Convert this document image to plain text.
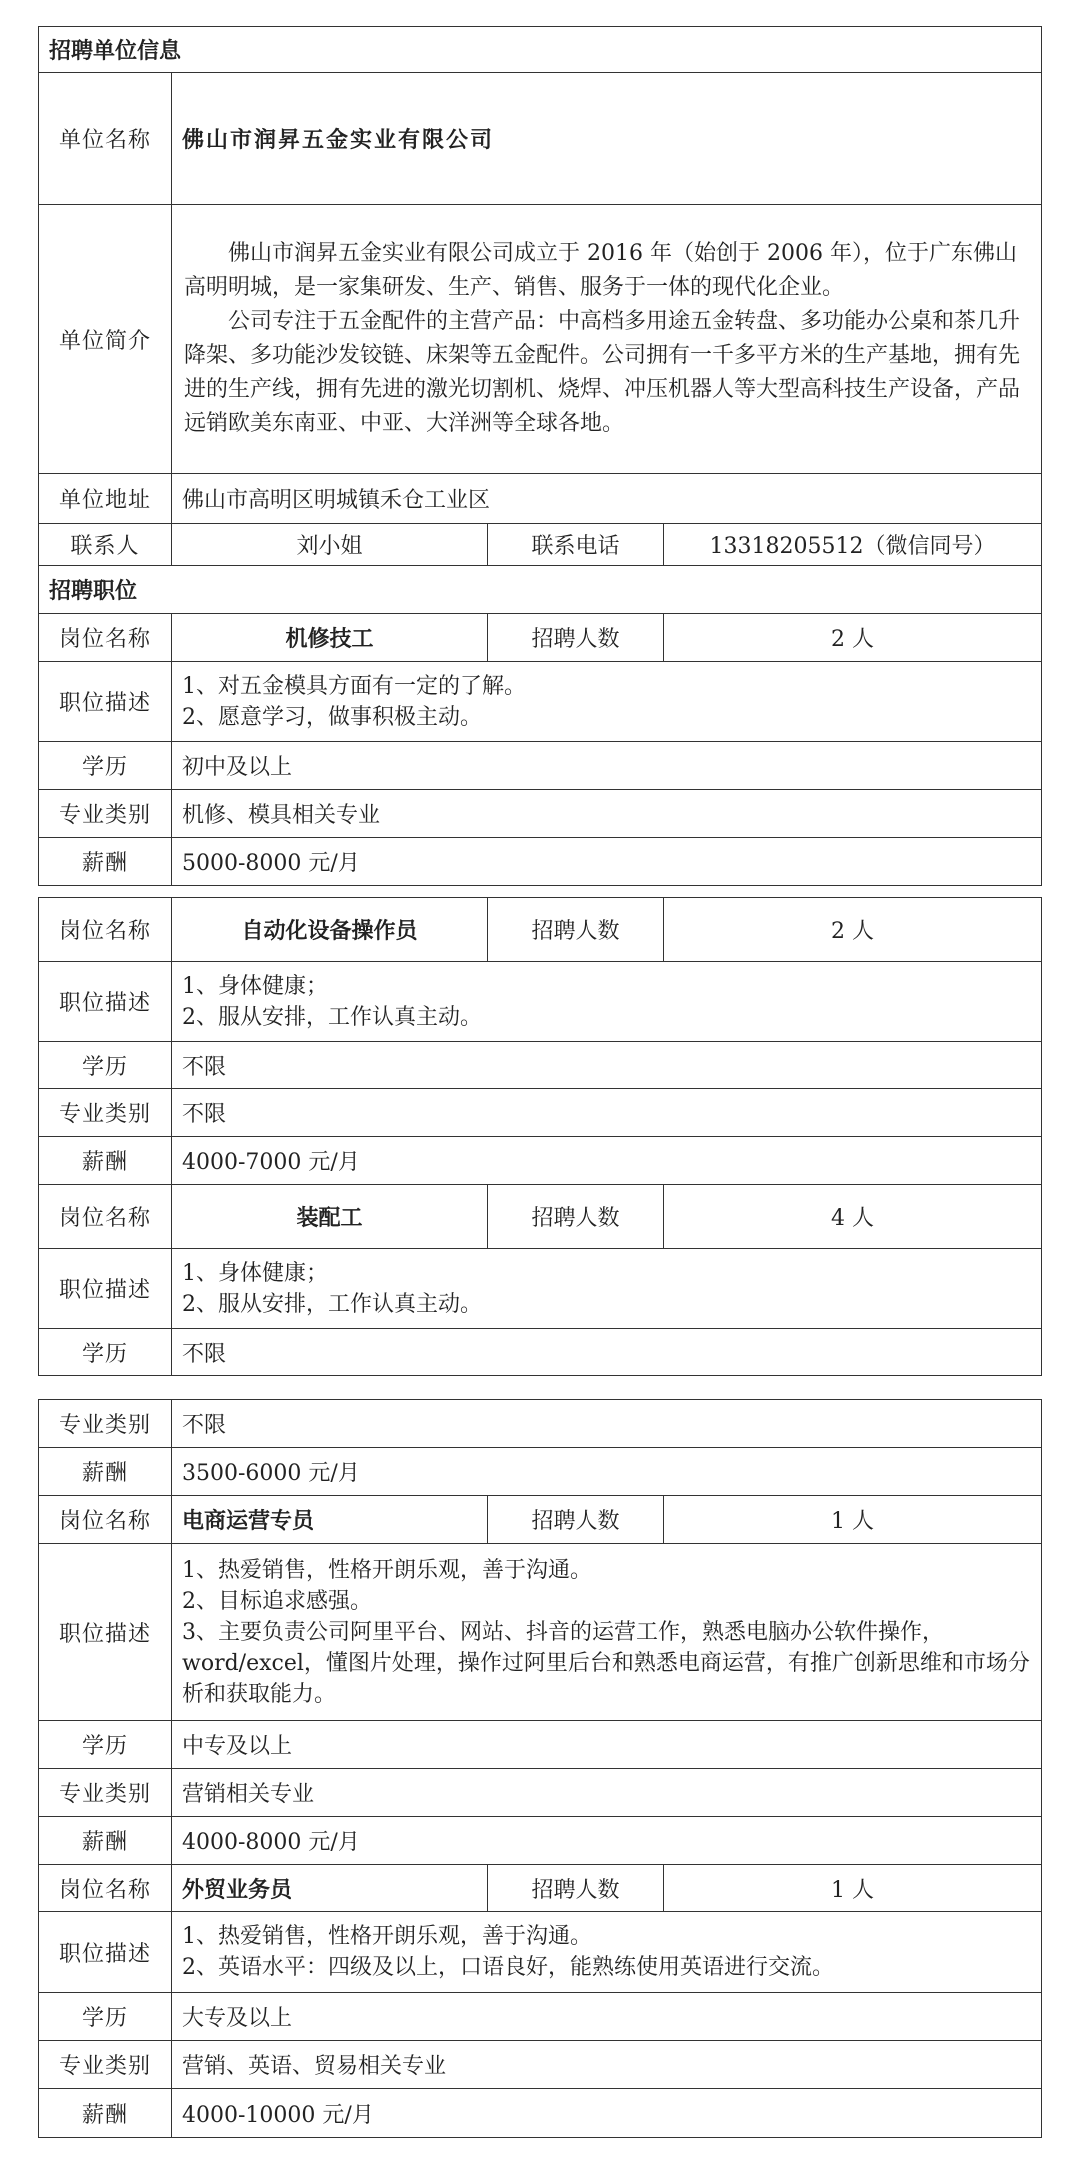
招聘单位信息			
单位名称	佛山市润昇五金实业有限公司		
单位简介	佛山市润昇五金实业有限公司成立于 2016 年（始创于 2006 年），位于广东佛山高明明城，是一家集研发、生产、销售、服务于一体的现代化企业。

公司专注于五金配件的主营产品：中高档多用途五金转盘、多功能办公桌和茶几升降架、多功能沙发铰链、床架等五金配件。公司拥有一千多平方米的生产基地，拥有先进的生产线，拥有先进的激光切割机、烧焊、冲压机器人等大型高科技生产设备，产品远销欧美东南亚、中亚、大洋洲等全球各地。		

单位地址	佛山市高明区明城镇禾仓工业区		
联系人	刘小姐	联系电话	13318205512（微信同号）
招聘职位			
岗位名称	机修技工	招聘人数	2 人
职位描述	1、对五金模具方面有一定的了解。
2、愿意学习，做事积极主动。		

学历	初中及以上		
专业类别	机修、模具相关专业		
薪酬	5000-8000 元/月		
岗位名称	自动化设备操作员	招聘人数	2 人
职位描述	1、身体健康；
2、服从安排，工作认真主动。		

学历	不限		
专业类别	不限		
薪酬	4000-7000 元/月		
岗位名称	装配工	招聘人数	4 人
职位描述	1、身体健康；
2、服从安排，工作认真主动。		

学历	不限		
专业类别	不限		
薪酬	3500-6000 元/月		
岗位名称	电商运营专员	招聘人数	1 人
职位描述	1、热爱销售，性格开朗乐观，善于沟通。
2、目标追求感强。
3、主要负责公司阿里平台、网站、抖音的运营工作，熟悉电脑办公软件操作，word/excel，懂图片处理，操作过阿里后台和熟悉电商运营，有推广创新思维和市场分析和获取能力。		

学历	中专及以上		
专业类别	营销相关专业		
薪酬	4000-8000 元/月		
岗位名称	外贸业务员	招聘人数	1 人
职位描述	1、热爱销售，性格开朗乐观，善于沟通。
2、英语水平：四级及以上，口语良好，能熟练使用英语进行交流。		

学历	大专及以上		
专业类别	营销、英语、贸易相关专业		
薪酬	4000-10000 元/月		
